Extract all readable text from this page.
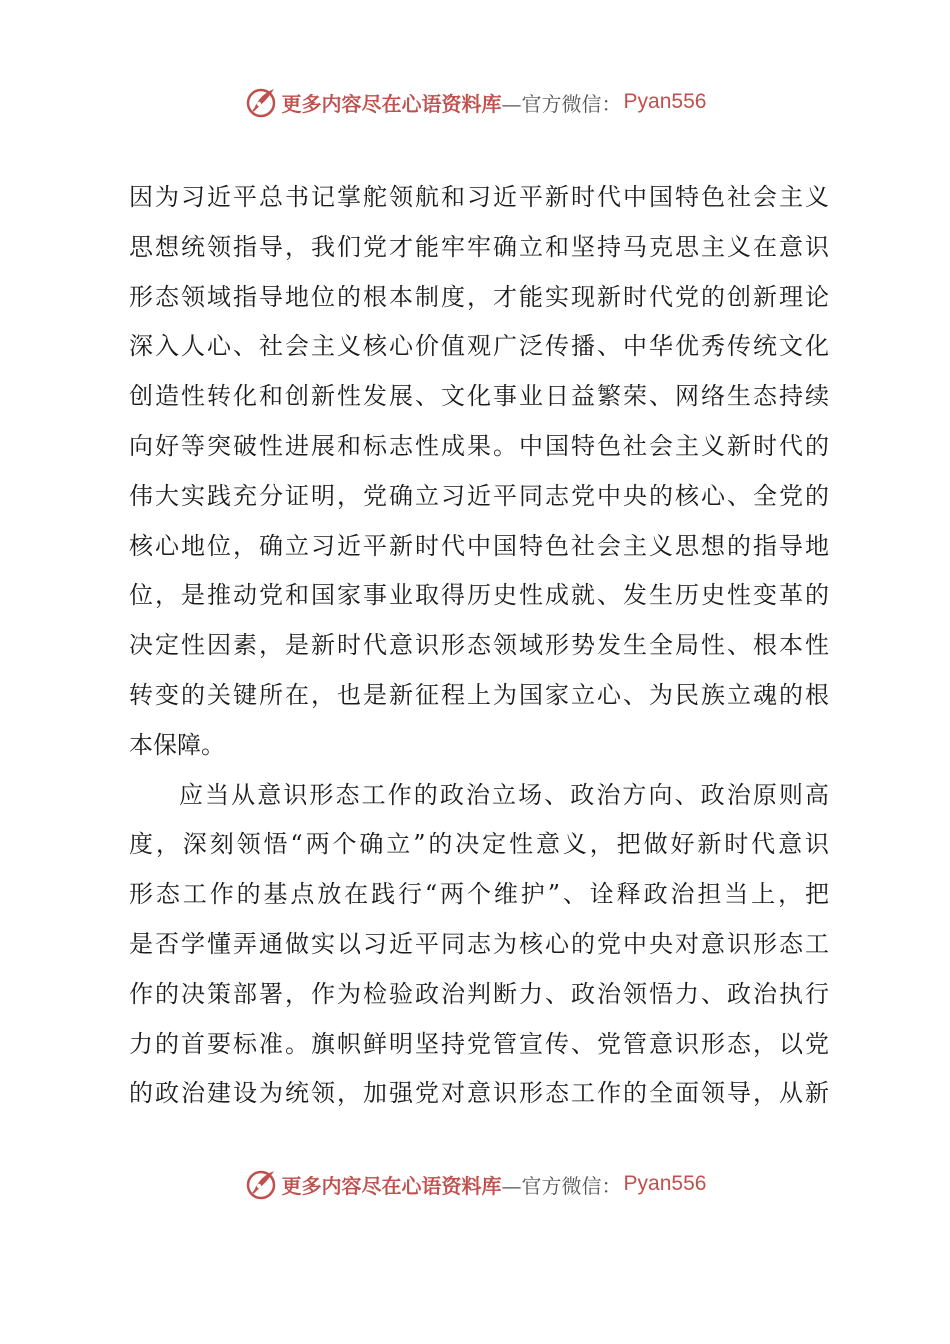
更多内容尽在心语资料库 —官方微信： Pyan556
因为习近平总书记掌舵领航和习近平新时代中国特色社会主义
思想统领指导，我们党才能牢牢确立和坚持马克思主义在意识
形态领域指导地位的根本制度，才能实现新时代党的创新理论
深入人心、社会主义核心价值观广泛传播、中华优秀传统文化
创造性转化和创新性发展、文化事业日益繁荣、网络生态持续
向好等突破性进展和标志性成果。中国特色社会主义新时代的
伟大实践充分证明，党确立习近平同志党中央的核心、全党的
核心地位，确立习近平新时代中国特色社会主义思想的指导地
位，是推动党和国家事业取得历史性成就、发生历史性变革的
决定性因素，是新时代意识形态领域形势发生全局性、根本性
转变的关键所在，也是新征程上为国家立心、为民族立魂的根
本保障。
应当从意识形态工作的政治立场、政治方向、政治原则高
度，深刻领悟“两个确立”的决定性意义，把做好新时代意识
形态工作的基点放在践行“两个维护”、诠释政治担当上，把
是否学懂弄通做实以习近平同志为核心的党中央对意识形态工
作的决策部署，作为检验政治判断力、政治领悟力、政治执行
力的首要标准。旗帜鲜明坚持党管宣传、党管意识形态，以党
的政治建设为统领，加强党对意识形态工作的全面领导，从新
更多内容尽在心语资料库 —官方微信： Pyan556
